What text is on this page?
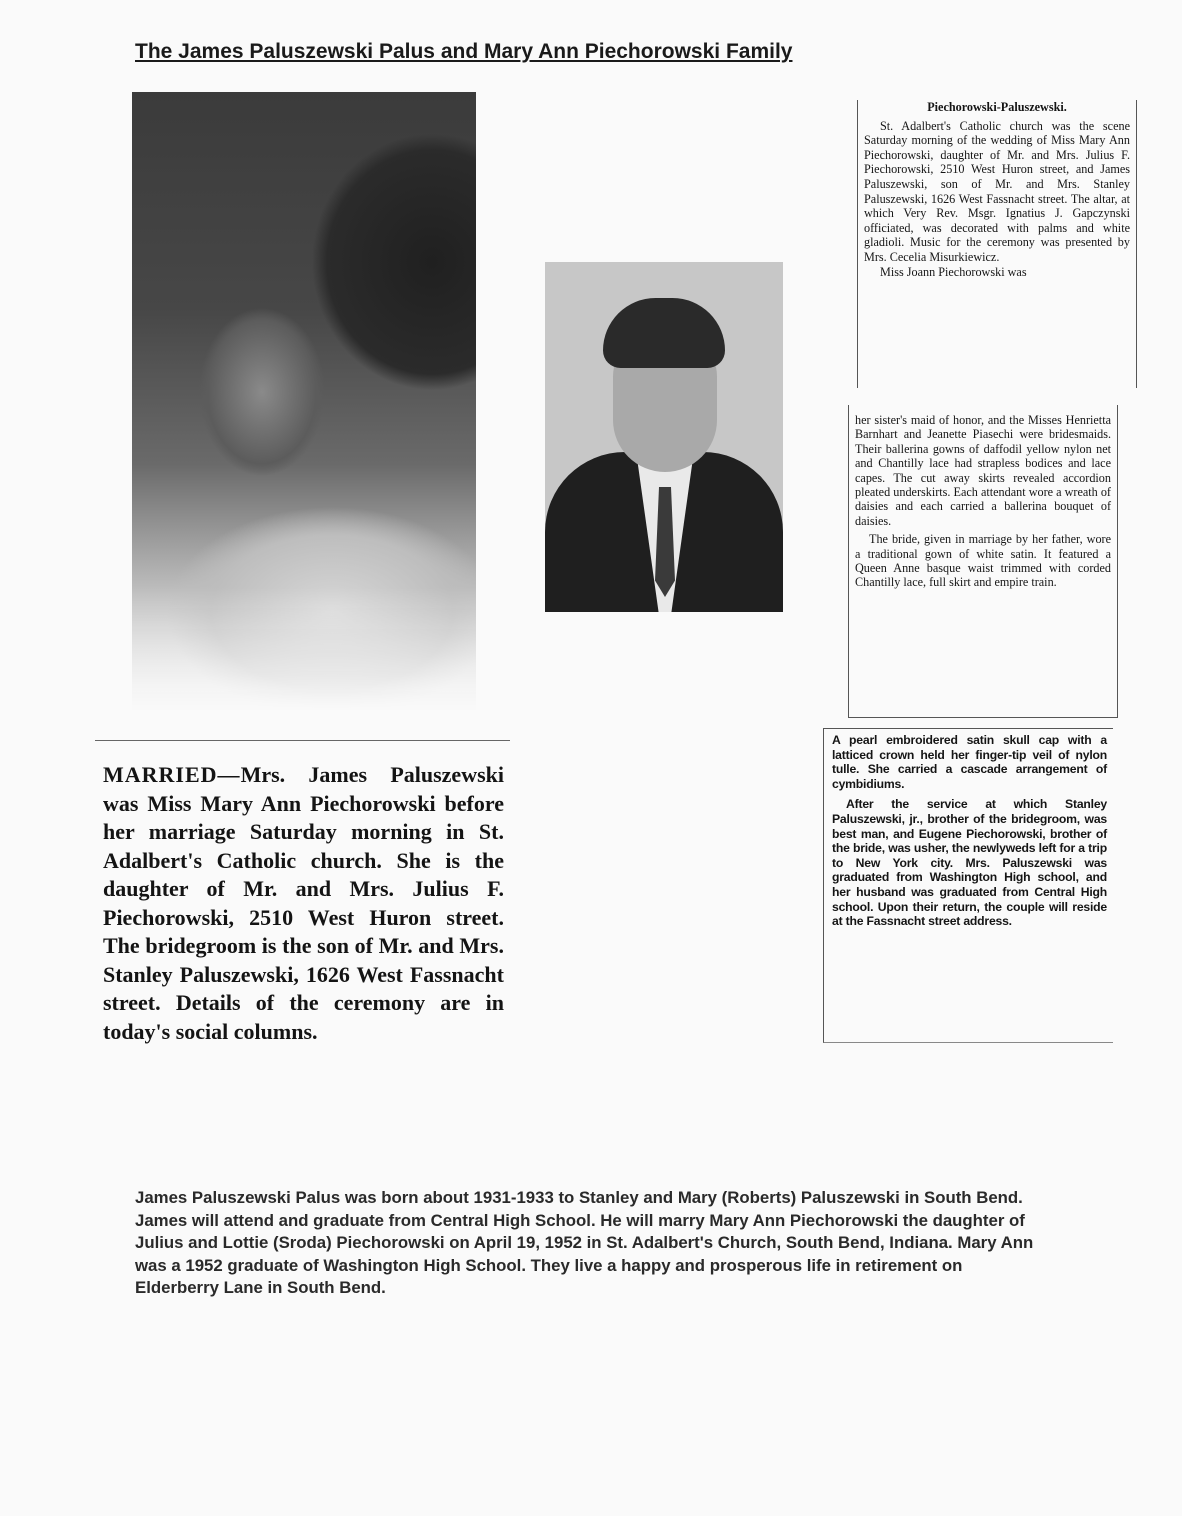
The James Paluszewski Palus and Mary Ann Piechorowski Family

Piechorowski-Paluszewski.

St. Adalbert's Catholic church was the scene Saturday morning of the wedding of Miss Mary Ann Piechorowski, daughter of Mr. and Mrs. Julius F. Piechorowski, 2510 West Huron street, and James Paluszewski, son of Mr. and Mrs. Stanley Paluszewski, 1626 West Fassnacht street. The altar, at which Very Rev. Msgr. Ignatius J. Gapczynski officiated, was decorated with palms and white gladioli. Music for the ceremony was presented by Mrs. Cecelia Misurkiewicz.

Miss Joann Piechorowski was

her sister's maid of honor, and the Misses Henrietta Barnhart and Jeanette Piasechi were bridesmaids. Their ballerina gowns of daffodil yellow nylon net and Chantilly lace had strapless bodices and lace capes. The cut away skirts revealed accordion pleated underskirts. Each attendant wore a wreath of daisies and each carried a ballerina bouquet of daisies.

The bride, given in marriage by her father, wore a traditional gown of white satin. It featured a Queen Anne basque waist trimmed with corded Chantilly lace, full skirt and empire train.

A pearl embroidered satin skull cap with a latticed crown held her finger-tip veil of nylon tulle. She carried a cascade arrangement of cymbidiums.

After the service at which Stanley Paluszewski, jr., brother of the bridegroom, was best man, and Eugene Piechorowski, brother of the bride, was usher, the newlyweds left for a trip to New York city. Mrs. Paluszewski was graduated from Washington High school, and her husband was graduated from Central High school. Upon their return, the couple will reside at the Fassnacht street address.

MARRIED—Mrs. James Paluszewski was Miss Mary Ann Piechorowski before her marriage Saturday morning in St. Adalbert's Catholic church. She is the daughter of Mr. and Mrs. Julius F. Piechorowski, 2510 West Huron street. The bridegroom is the son of Mr. and Mrs. Stanley Paluszewski, 1626 West Fassnacht street. Details of the ceremony are in today's social columns.
James Paluszewski Palus was born about 1931-1933 to Stanley and Mary (Roberts) Paluszewski in South Bend. James will attend and graduate from Central High School. He will marry Mary Ann Piechorowski the daughter of Julius and Lottie (Sroda) Piechorowski on April 19, 1952 in St. Adalbert's Church, South Bend, Indiana. Mary Ann was a 1952 graduate of Washington High School. They live a happy and prosperous life in retirement on Elderberry Lane in South Bend.
